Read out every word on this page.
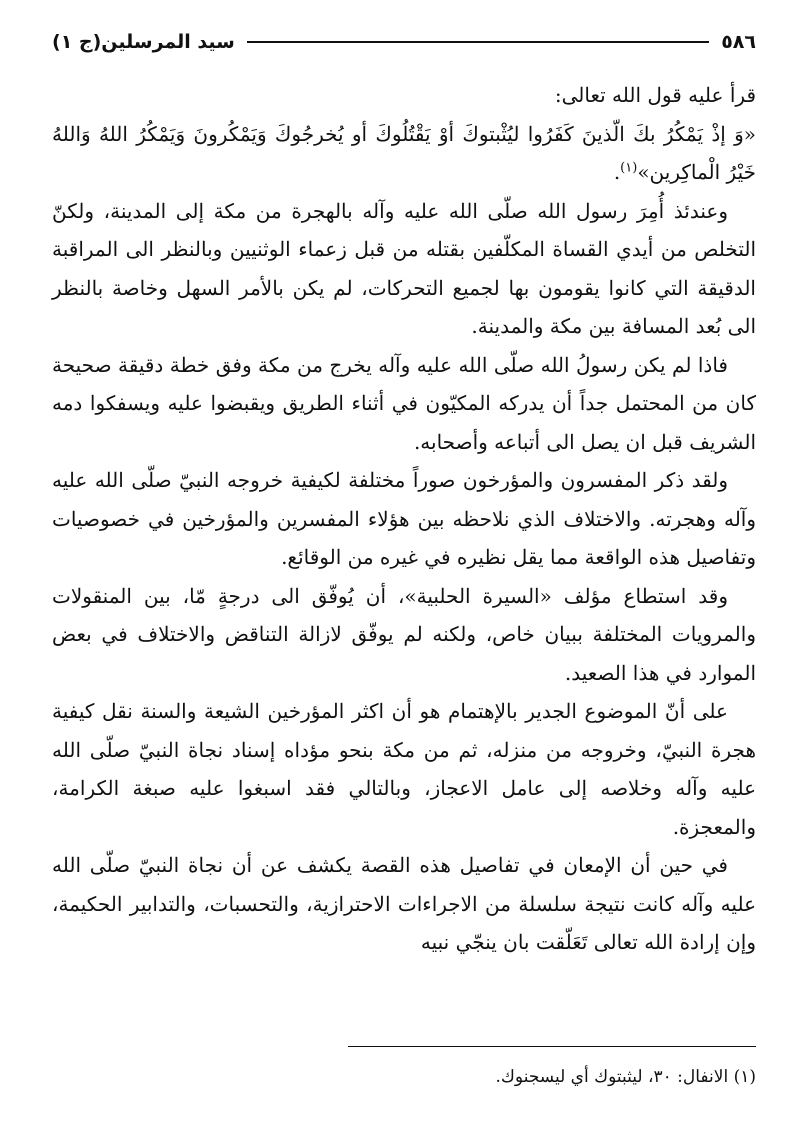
٥٨٦
سيد المرسلين(ج ١)

قرأ عليه قول الله تعالى:

«وَ إذْ يَمْكُرُ بكَ الّذينَ كَفَرُوا ليُثْبتوكَ أوْ يَقْتُلُوكَ أو يُخرجُوكَ وَيَمْكُرونَ وَيَمْكُرُ اللهُ وَاللهُ خَيْرُ الْماكِرين»$^{(١)}$.

وعندئذ أُمِرَ رسول الله صلّى الله عليه وآله بالهجرة من مكة إلى المدينة، ولكنّ التخلص من أيدي القساة المكلّفين بقتله من قبل زعماء الوثنيين وبالنظر الى المراقبة الدقيقة التي كانوا يقومون بها لجميع التحركات، لم يكن بالأمر السهل وخاصة بالنظر الى بُعد المسافة بين مكة والمدينة.

فاذا لم يكن رسولُ الله صلّى الله عليه وآله يخرج من مكة وفق خطة دقيقة صحيحة كان من المحتمل جداً أن يدركه المكيّون في أثناء الطريق ويقبضوا عليه ويسفكوا دمه الشريف قبل ان يصل الى أتباعه وأصحابه.

ولقد ذكر المفسرون والمؤرخون صوراً مختلفة لكيفية خروجه النبيّ صلّى الله عليه وآله وهجرته. والاختلاف الذي نلاحظه بين هؤلاء المفسرين والمؤرخين في خصوصيات وتفاصيل هذه الواقعة مما يقل نظيره في غيره من الوقائع.

وقد استطاع مؤلف «السيرة الحلبية»، أن يُوفّق الى درجةٍ مّا، بين المنقولات والمرويات المختلفة ببيان خاص، ولكنه لم يوفّق لازالة التناقض والاختلاف في بعض الموارد في هذا الصعيد.

على أنّ الموضوع الجدير بالإهتمام هو أن اكثر المؤرخين الشيعة والسنة نقل كيفية هجرة النبيّ، وخروجه من منزله، ثم من مكة بنحو مؤداه إسناد نجاة النبيّ صلّى الله عليه وآله وخلاصه إلى عامل الاعجاز، وبالتالي فقد اسبغوا عليه صبغة الكرامة، والمعجزة.

في حين أن الإمعان في تفاصيل هذه القصة يكشف عن أن نجاة النبيّ صلّى الله عليه وآله كانت نتيجة سلسلة من الاجراءات الاحترازية، والتحسبات، والتدابير الحكيمة، وإن إرادة الله تعالى تَعَلّقت بان ينجّي نبيه

(١) الانفال: ٣٠، ليثبتوك أي ليسجنوك.
